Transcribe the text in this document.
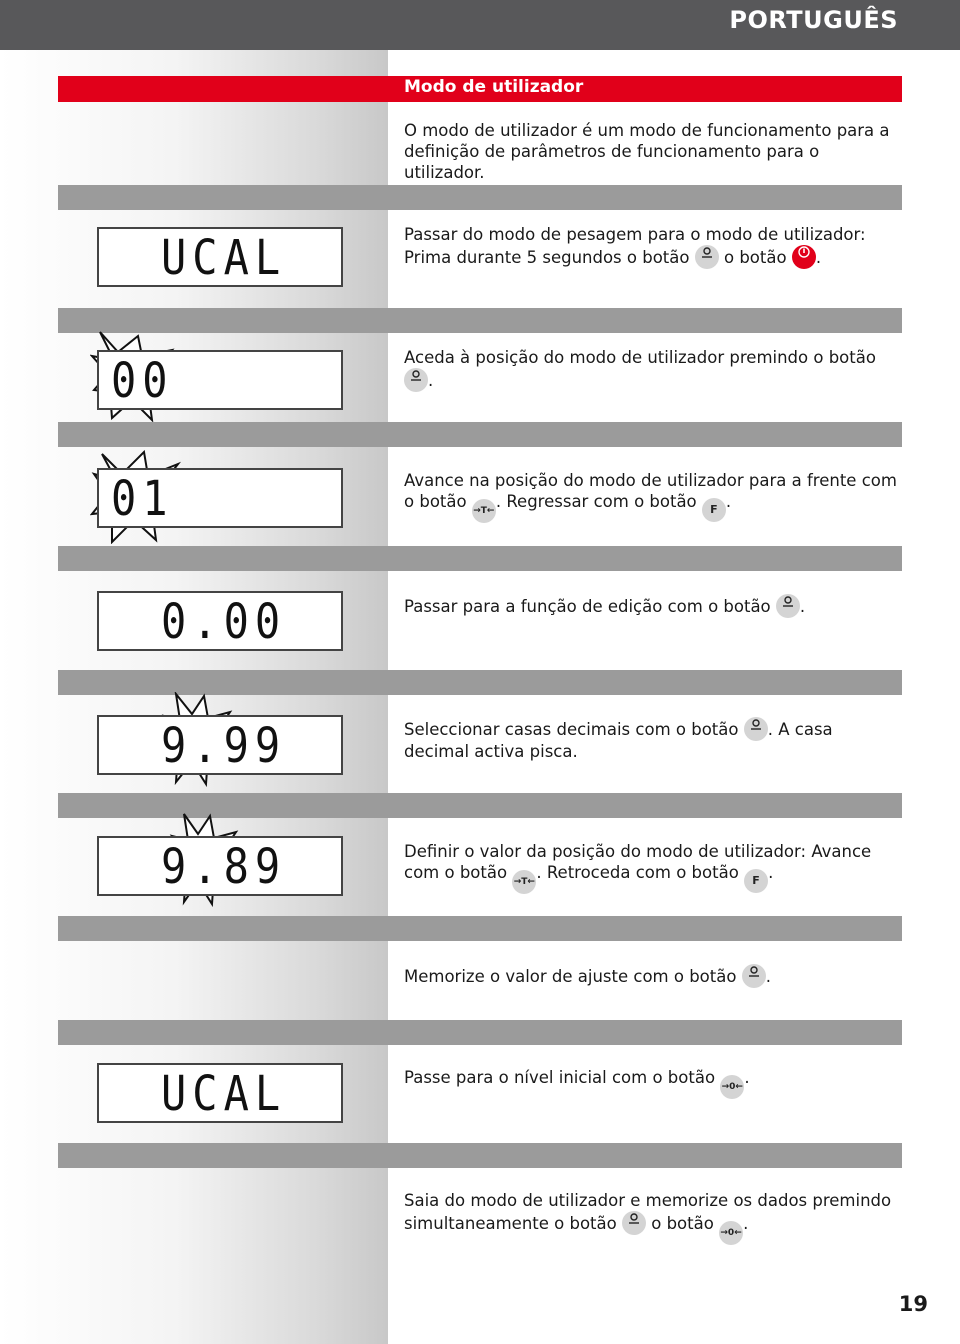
PORTUGUÊS
Modo de utilizador
O modo de utilizador é um modo de funcionamento para a definição de parâmetros de funcionamento para o utilizador.
UCAL	Passar do modo de pesagem para o modo de utilizador: Prima durante 5 segundos o botão o botão .
00	Aceda à posição do modo de utilizador premindo o botão
.
01	Avance na posição do modo de utilizador para a frente com o botão →T←. Regressar com o botão F .
0.00	Passar para a função de edição com o botão .
9.99	Seleccionar casas decimais com o botão . A casa decimal activa pisca.
9.89	Definir o valor da posição do modo de utilizador: Avance com o botão →T←. Retroceda com o botão F .
Memorize o valor de ajuste com o botão .
UCAL	Passe para o nível inicial com o botão →0←.
Saia do modo de utilizador e memorize os dados premindo simultaneamente o botão o botão →0←.
19
